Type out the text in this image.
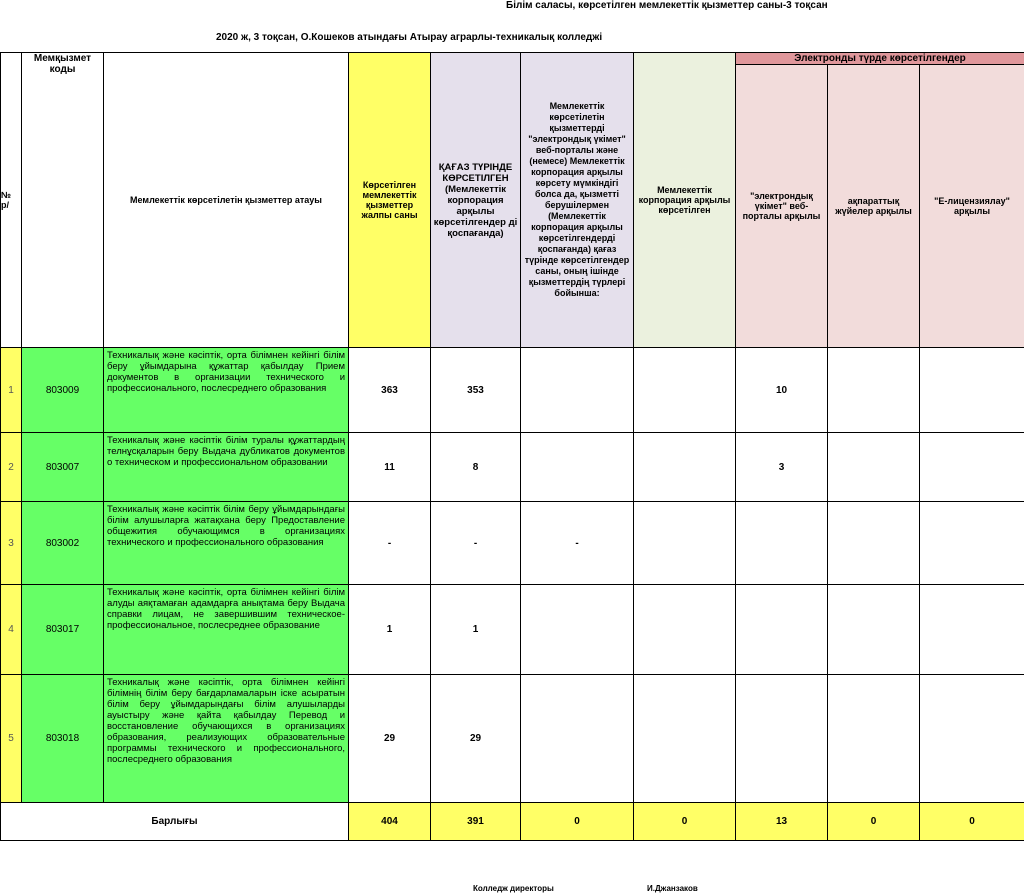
Білім саласы, көрсетілген мемлекеттік қызметтер саны-3 тоқсан
2020 ж, 3 тоқсан, О.Кошеков атындағы Атырау аграрлы-техникалық колледжі
№ р/	Мемқызмет коды	Мемлекеттік көрсетілетін қызметтер атауы	Көрсетілген мемлекеттік қызметтер жалпы саны	ҚАҒАЗ ТҮРІНДЕ КӨРСЕТІЛГЕН (Мемлекеттік корпорация арқылы көрсетілгендер ді қоспағанда)	Мемлекеттік көрсетілетін қызметтерді "электрондық үкімет" веб-порталы және (немесе) Мемлекеттік корпорация арқылы көрсету мүмкіндігі болса да, қызметті берушілермен (Мемлекеттік корпорация арқылы көрсетілгендерді қоспағанда) қағаз түрінде көрсетілгендер саны, оның ішінде қызметтердің түрлері бойынша:	Мемлекеттік корпорация арқылы көрсетілген	Электронды түрде көрсетілгендер		
							"электрондық үкімет" веб-порталы арқылы	ақпараттық жүйелер арқылы	"Е-лицензиялау" арқылы
1	803009	Техникалық және кәсіптік, орта білімнен кейінгі білім беру ұйымдарына құжаттар қабылдау Прием документов в организации технического и профессионального, послесреднего образования	363	353			10		
2	803007	Техникалық және кәсіптік білім туралы құжаттардың телнұсқаларын беру Выдача дубликатов документов о техническом и профессиональном образовании	11	8			3		
3	803002	Техникалық және кәсіптік білім беру ұйымдарындағы білім алушыларға жатақхана беру Предоставление общежития обучающимся в организациях технического и профессионального образования	-	-	-				
4	803017	Техникалық және кәсіптік, орта білімнен кейінгі білім алуды аяқтамаған адамдарға анықтама беру Выдача справки лицам, не завершившим техническое-профессиональное, послесреднее образование	1	1					
5	803018	Техникалық және кәсіптік, орта білімнен кейінгі білімнің білім беру бағдарламаларын іске асыратын білім беру ұйымдарындағы білім алушыларды ауыстыру және қайта қабылдау Перевод и восстановление обучающихся в организациях образования, реализующих образовательные программы технического и профессионального, послесреднего образования	29	29					
Барлығы			404	391	0	0	13	0	0
Колледж директоры	И.Джанзаков
